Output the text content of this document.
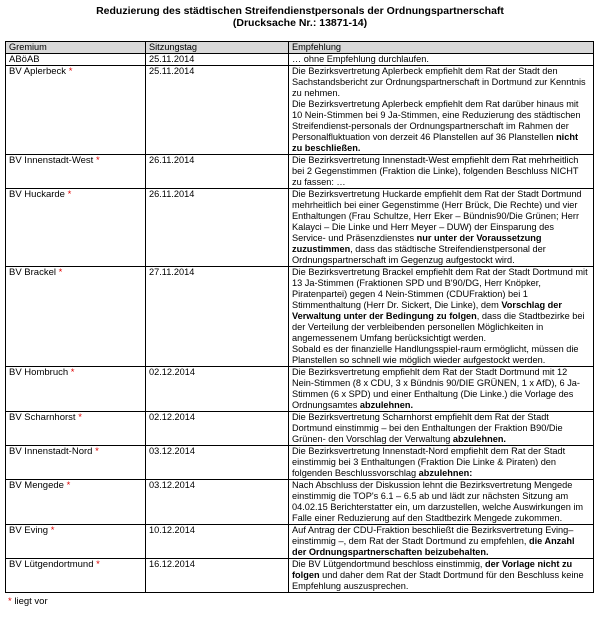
Reduzierung des städtischen Streifendienstpersonals der Ordnungspartnerschaft
(Drucksache Nr.: 13871-14)
Gremium	Sitzungstag	Empfehlung
ABöAB	25.11.2014	… ohne Empfehlung durchlaufen.
BV Aplerbeck *	25.11.2014	Die Bezirksvertretung Aplerbeck empfiehlt dem Rat der Stadt den Sachstandsbericht zur Ordnungspartnerschaft in Dortmund zur Kenntnis zu nehmen.
Die Bezirksvertretung Aplerbeck empfiehlt dem Rat darüber hinaus mit 10 Nein-Stimmen bei 9 Ja-Stimmen, eine Reduzierung des städtischen Streifendienst-personals der Ordnungspartnerschaft im Rahmen der Personalfluktuation von derzeit 46 Planstellen auf 36 Planstellen nicht zu beschließen.
BV Innenstadt-West *	26.11.2014	Die Bezirksvertretung Innenstadt-West empfiehlt dem Rat mehrheitlich bei 2 Gegenstimmen (Fraktion die Linke), folgenden Beschluss NICHT zu fassen: …
BV Huckarde *	26.11.2014	Die Bezirksvertretung Huckarde empfiehlt dem Rat der Stadt Dortmund mehrheitlich bei einer Gegenstimme (Herr Brück, Die Rechte) und vier Enthaltungen (Frau Schultze, Herr Eker – Bündnis90/Die Grünen; Herr Kalayci – Die Linke und Herr Meyer – DUW) der Einsparung des Service- und Präsenzdienstes nur unter der Voraussetzung zuzustimmen, dass das städtische Streifendienstpersonal der Ordnungspartnerschaft im Gegenzug aufgestockt wird.
BV Brackel *	27.11.2014	Die Bezirksvertretung Brackel empfiehlt dem Rat der Stadt Dortmund mit 13 Ja-Stimmen (Fraktionen SPD und B'90/DG, Herr Knöpker, Piratenpartei) gegen 4 Nein-Stimmen (CDUFraktion) bei 1 Stimmenthaltung (Herr Dr. Sickert, Die Linke), dem Vorschlag der Verwaltung unter der Bedingung zu folgen, dass die Stadtbezirke bei der Verteilung der verbleibenden personellen Möglichkeiten in angemessenem Umfang berücksichtigt werden.
Sobald es der finanzielle Handlungsspiel-raum ermöglicht, müssen die Planstellen so schnell wie möglich wieder aufgestockt werden.
BV Hombruch *	02.12.2014	Die Bezirksvertretung empfiehlt dem Rat der Stadt Dortmund mit 12 Nein-Stimmen (8 x CDU, 3 x Bündnis 90/DIE GRÜNEN, 1 x AfD), 6 Ja-Stimmen (6 x SPD) und einer Enthaltung (Die Linke.) die Vorlage des Ordnungsamtes abzulehnen.
BV Scharnhorst *	02.12.2014	Die Bezirksvertretung Scharnhorst empfiehlt dem Rat der Stadt Dortmund einstimmig – bei den Enthaltungen der Fraktion B90/Die Grünen- den Vorschlag der Verwaltung abzulehnen.
BV Innenstadt-Nord *	03.12.2014	Die Bezirksvertretung Innenstadt-Nord empfiehlt dem Rat der Stadt einstimmig bei 3 Enthaltungen (Fraktion Die Linke & Piraten) den folgenden Beschlussvorschlag abzulehnen:
BV Mengede *	03.12.2014	Nach Abschluss der Diskussion lehnt die Bezirksvertretung Mengede einstimmig die TOP's 6.1 – 6.5 ab und lädt zur nächsten Sitzung am 04.02.15 Berichterstatter ein, um darzustellen, welche Auswirkungen im Falle einer Reduzierung auf den Stadtbezirk Mengede zukommen.
BV Eving *	10.12.2014	Auf Antrag der CDU-Fraktion beschließt die Bezirksvertretung Eving– einstimmig –, dem Rat der Stadt Dortmund zu empfehlen, die Anzahl der Ordnungspartnerschaften beizubehalten.
BV Lütgendortmund *	16.12.2014	Die BV Lütgendortmund beschloss einstimmig, der Vorlage nicht zu folgen und daher dem Rat der Stadt Dortmund für den Beschluss keine Empfehlung auszusprechen.
* liegt vor
